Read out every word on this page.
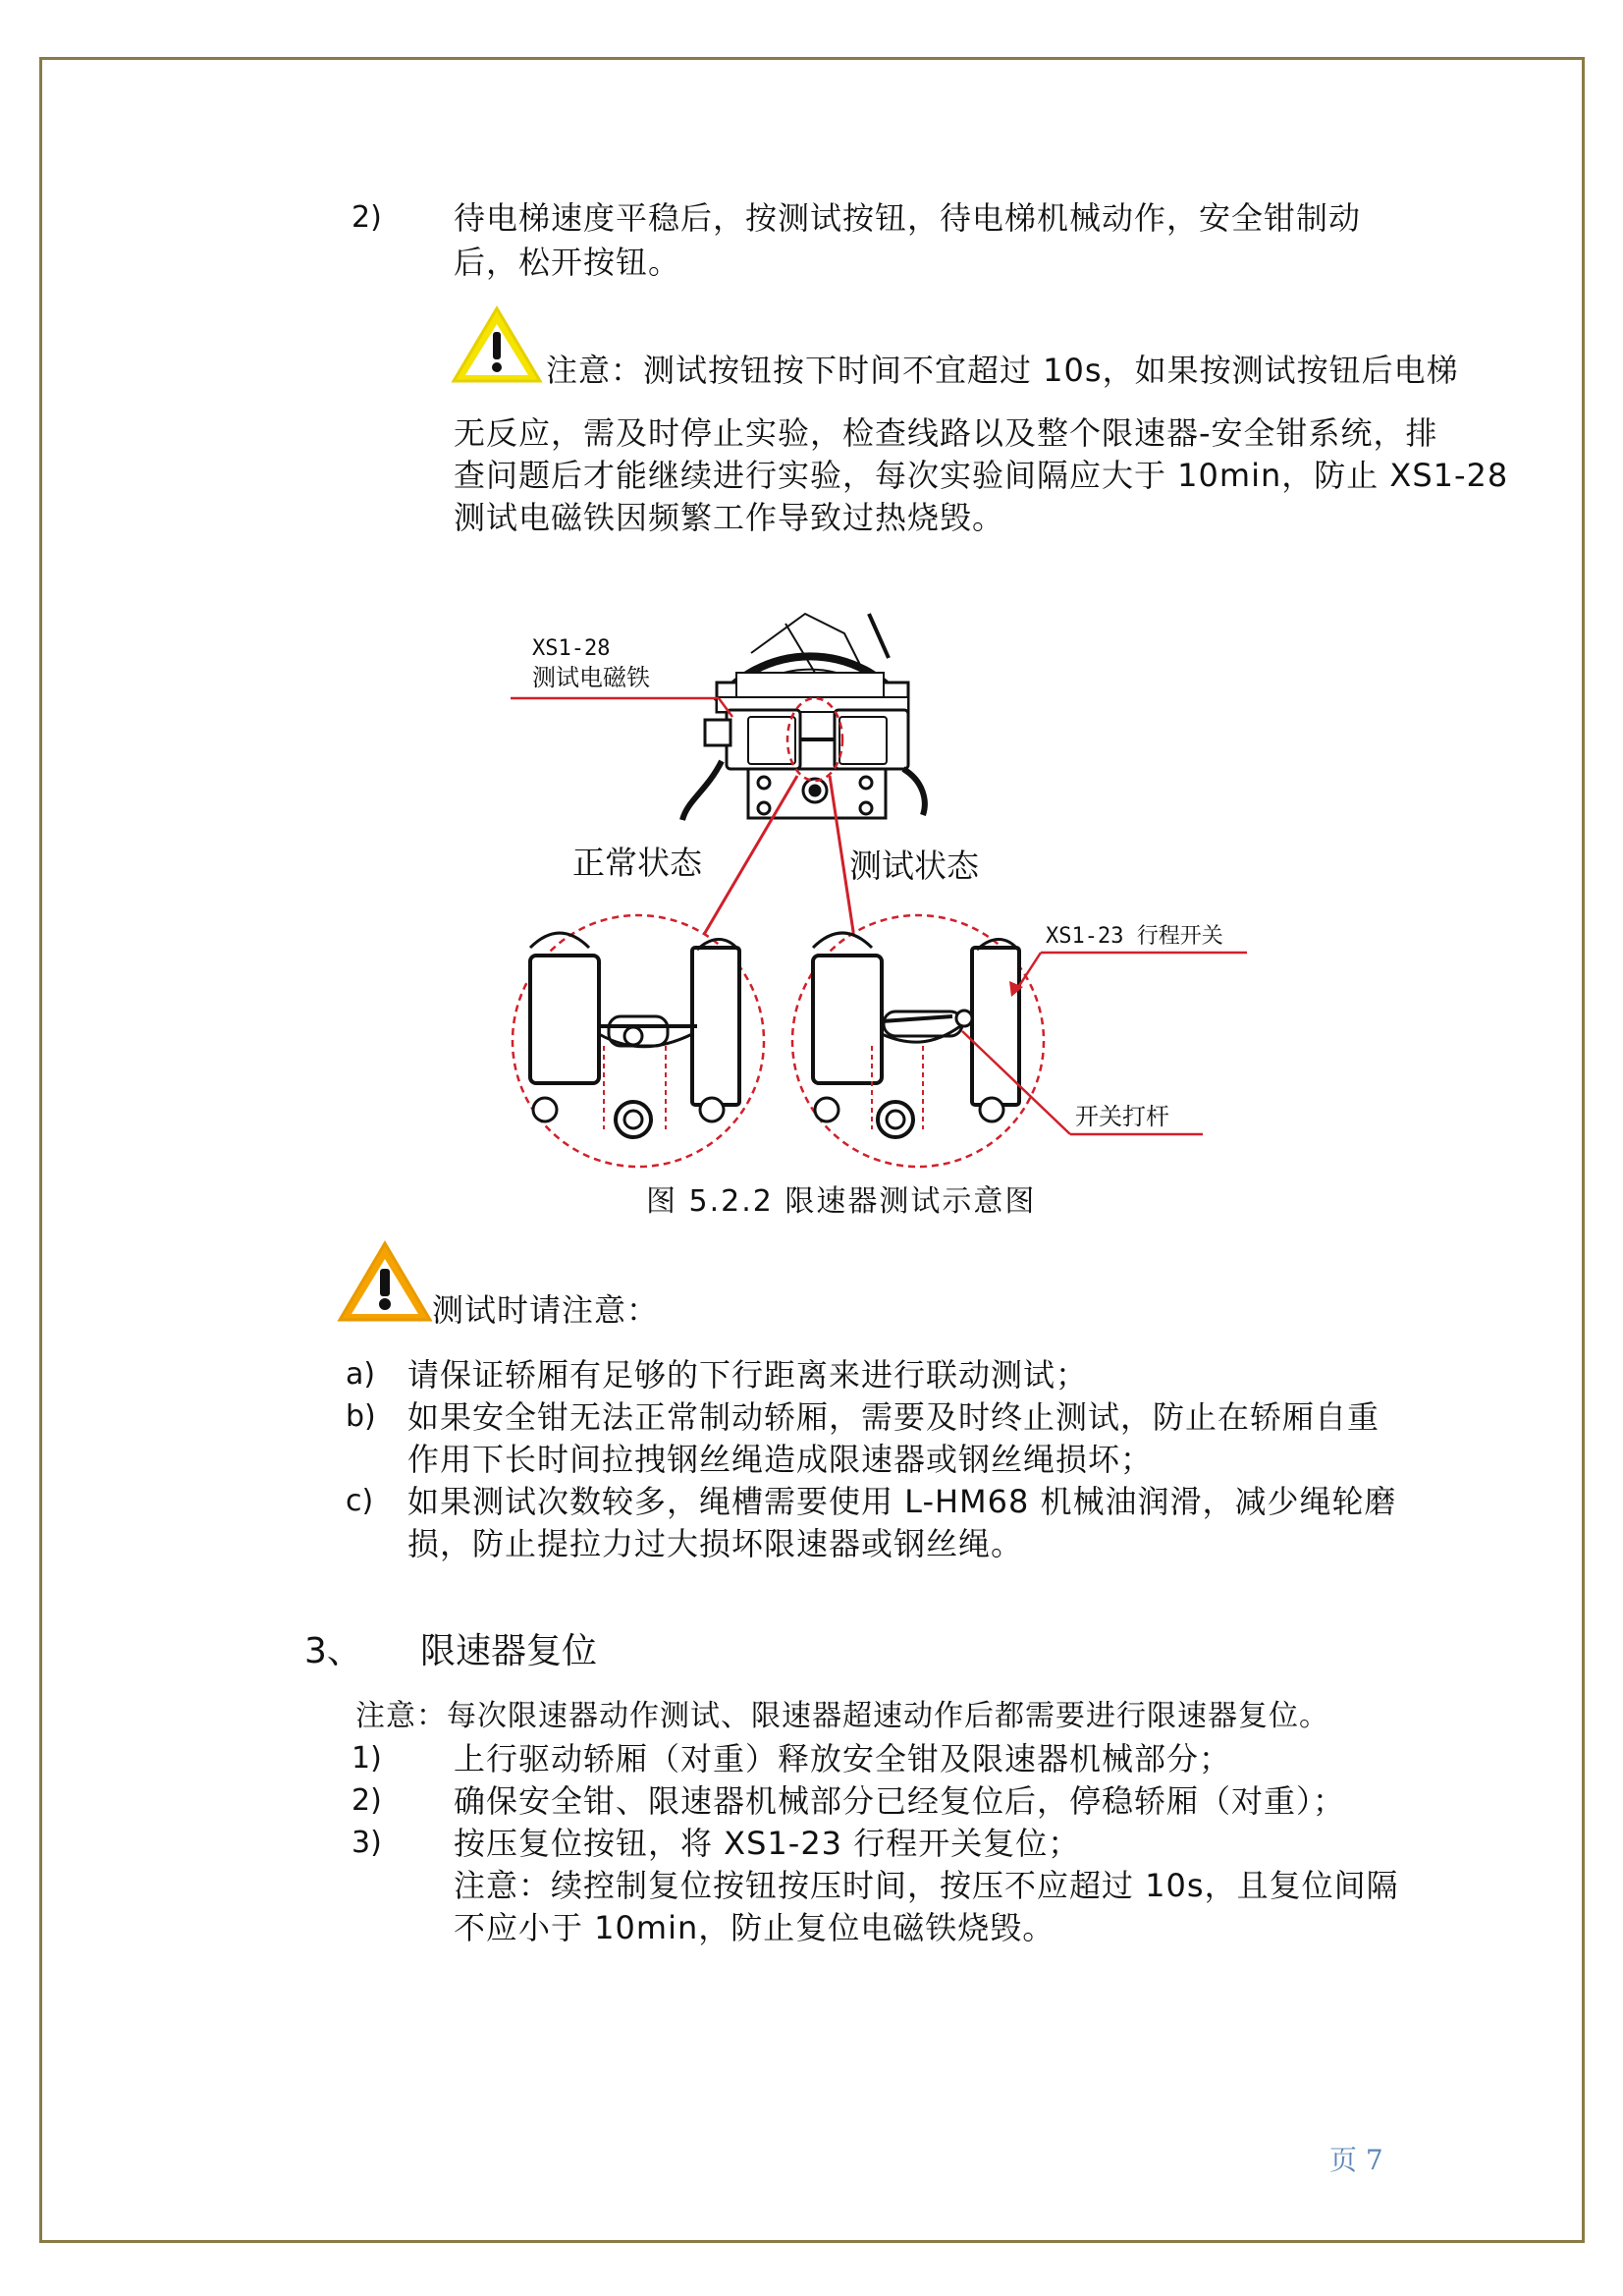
2) 待电梯速度平稳后，按测试按钮，待电梯机械动作，安全钳制动
后，松开按钮。
注意：测试按钮按下时间不宜超过 10s，如果按测试按钮后电梯
无反应，需及时停止实验，检查线路以及整个限速器-安全钳系统，排
查问题后才能继续进行实验，每次实验间隔应大于 10min，防止 XS1-28
测试电磁铁因频繁工作导致过热烧毁。
XS1-28
测试电磁铁
正常状态	测试状态
XS1-23 行程开关
开关打杆
图 5.2.2 限速器测试示意图
测试时请注意：
a) 请保证轿厢有足够的下行距离来进行联动测试；
b) 如果安全钳无法正常制动轿厢，需要及时终止测试，防止在轿厢自重
作用下长时间拉拽钢丝绳造成限速器或钢丝绳损坏；
c) 如果测试次数较多，绳槽需要使用 L-HM68 机械油润滑，减少绳轮磨
损，防止提拉力过大损坏限速器或钢丝绳。
3、 限速器复位
注意：每次限速器动作测试、限速器超速动作后都需要进行限速器复位。
1) 上行驱动轿厢（对重）释放安全钳及限速器机械部分；
2) 确保安全钳、限速器机械部分已经复位后，停稳轿厢（对重）；
3) 按压复位按钮，将 XS1-23 行程开关复位；
注意：续控制复位按钮按压时间，按压不应超过 10s，且复位间隔
不应小于 10min，防止复位电磁铁烧毁。
页 7
